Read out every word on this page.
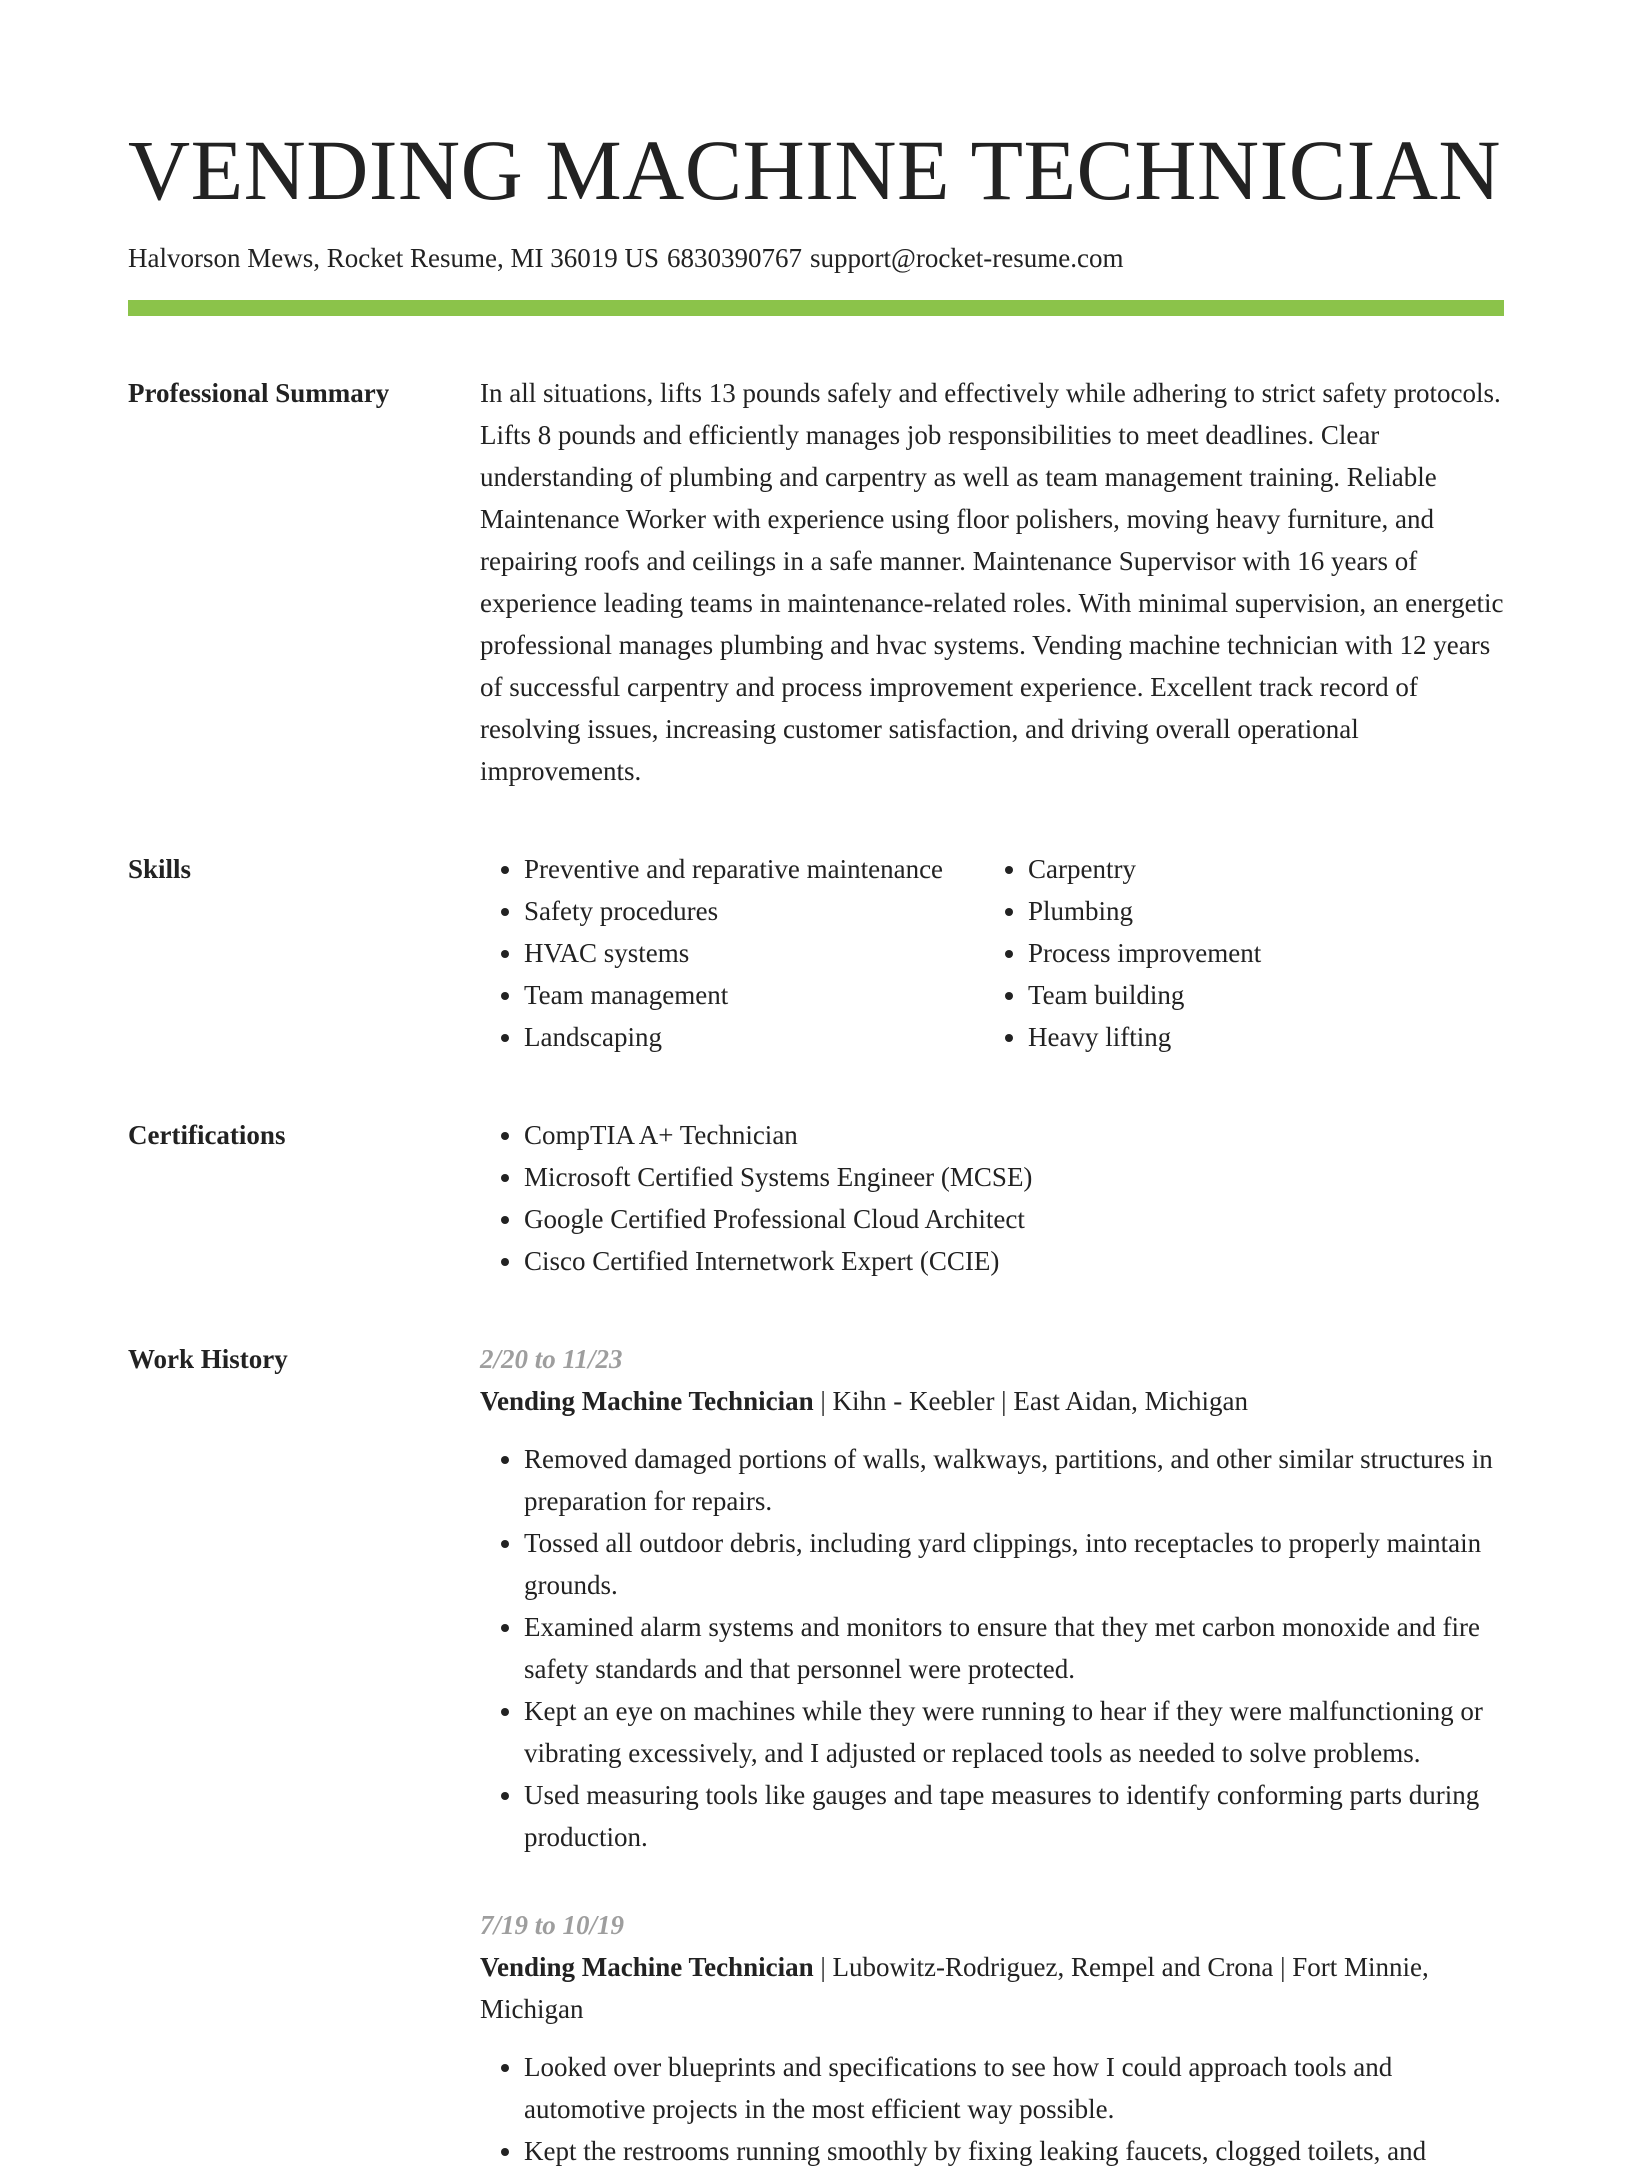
VENDING MACHINE TECHNICIAN
Halvorson Mews, Rocket Resume, MI 36019 US 6830390767 support@rocket-resume.com
Professional Summary	In all situations, lifts 13 pounds safely and effectively while adhering to strict safety protocols. Lifts 8 pounds and efficiently manages job responsibilities to meet deadlines. Clear understanding of plumbing and carpentry as well as team management training. Reliable Maintenance Worker with experience using floor polishers, moving heavy furniture, and repairing roofs and ceilings in a safe manner. Maintenance Supervisor with 16 years of experience leading teams in maintenance-related roles. With minimal supervision, an energetic professional manages plumbing and hvac systems. Vending machine technician with 12 years of successful carpentry and process improvement experience. Excellent track record of resolving issues, increasing customer satisfaction, and driving overall operational improvements.

Skills	• Preventive and reparative maintenance
• Safety procedures
• HVAC systems
• Team management
• Landscaping
• Carpentry
• Plumbing
• Process improvement
• Team building
• Heavy lifting
Certifications	• CompTIA A+ Technician
• Microsoft Certified Systems Engineer (MCSE)
• Google Certified Professional Cloud Architect
• Cisco Certified Internetwork Expert (CCIE)
Work History	2/20 to 11/23
Vending Machine Technician | Kihn - Keebler | East Aidan, Michigan
• Removed damaged portions of walls, walkways, partitions, and other similar structures in preparation for repairs.
• Tossed all outdoor debris, including yard clippings, into receptacles to properly maintain grounds.
• Examined alarm systems and monitors to ensure that they met carbon monoxide and fire safety standards and that personnel were protected.
• Kept an eye on machines while they were running to hear if they were malfunctioning or vibrating excessively, and I adjusted or replaced tools as needed to solve problems.
• Used measuring tools like gauges and tape measures to identify conforming parts during production.
7/19 to 10/19
Vending Machine Technician | Lubowitz-Rodriguez, Rempel and Crona | Fort Minnie, Michigan
• Looked over blueprints and specifications to see how I could approach tools and automotive projects in the most efficient way possible.
• Kept the restrooms running smoothly by fixing leaking faucets, clogged toilets, and
